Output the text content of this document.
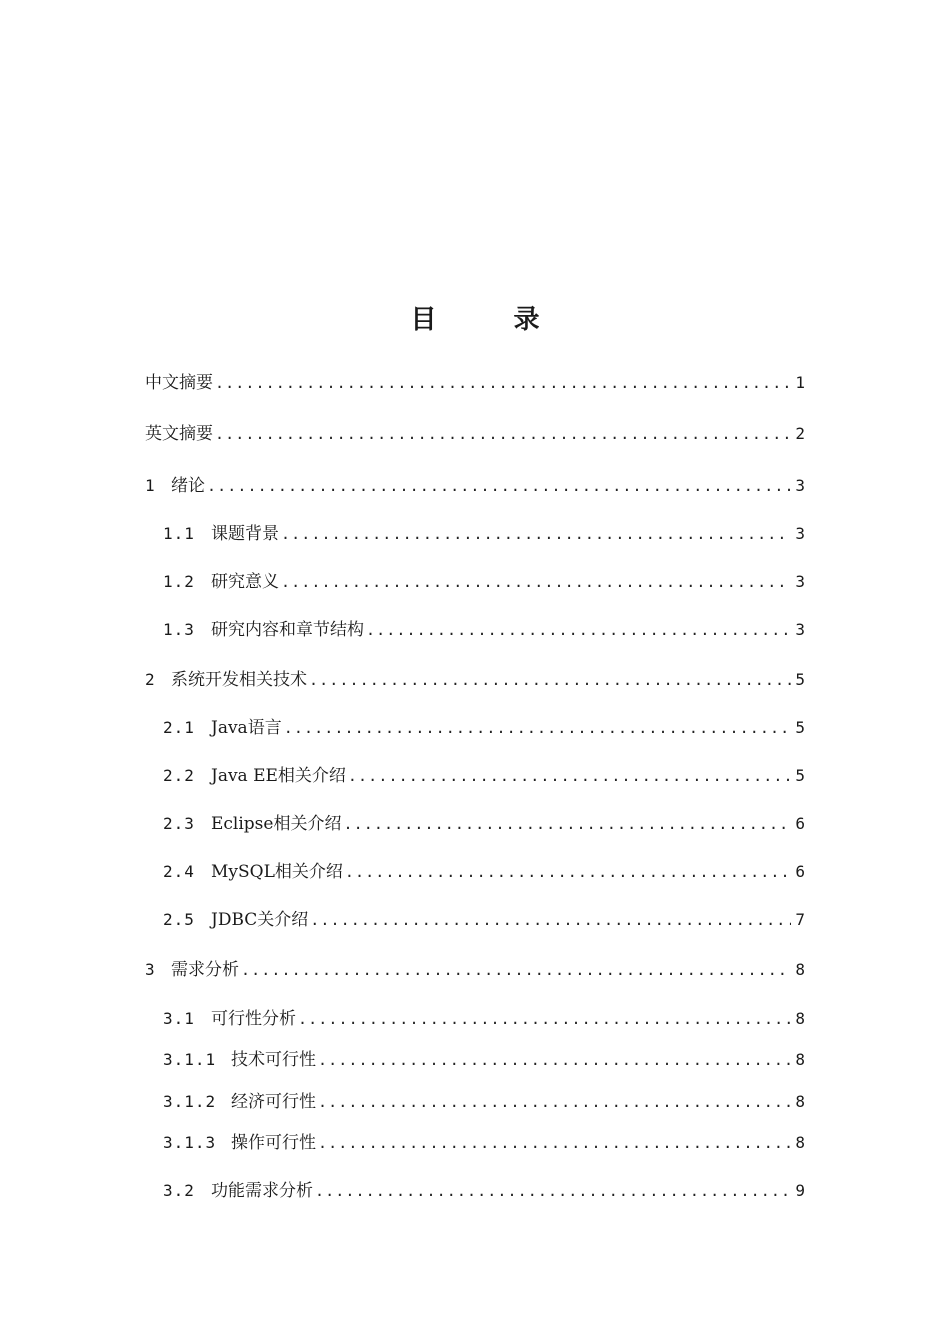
目 录
中文摘要 .....	1
英文摘要 .....	2
1 绪论 .....	3
1.1 课题背景 .....	3
1.2 研究意义 .....	3
1.3 研究内容和章节结构 .....	3
2 系统开发相关技术 .....	5
2.1 Java语言 .....	5
2.2 Java EE相关介绍 .....	5
2.3 Eclipse相关介绍 .....	6
2.4 MySQL相关介绍 .....	6
2.5 JDBC关介绍 .....	7
3 需求分析 .....	8
3.1 可行性分析 .....	8
3.1.1 技术可行性 .....	8
3.1.2 经济可行性 .....	8
3.1.3 操作可行性 .....	8
3.2 功能需求分析 .....	9
